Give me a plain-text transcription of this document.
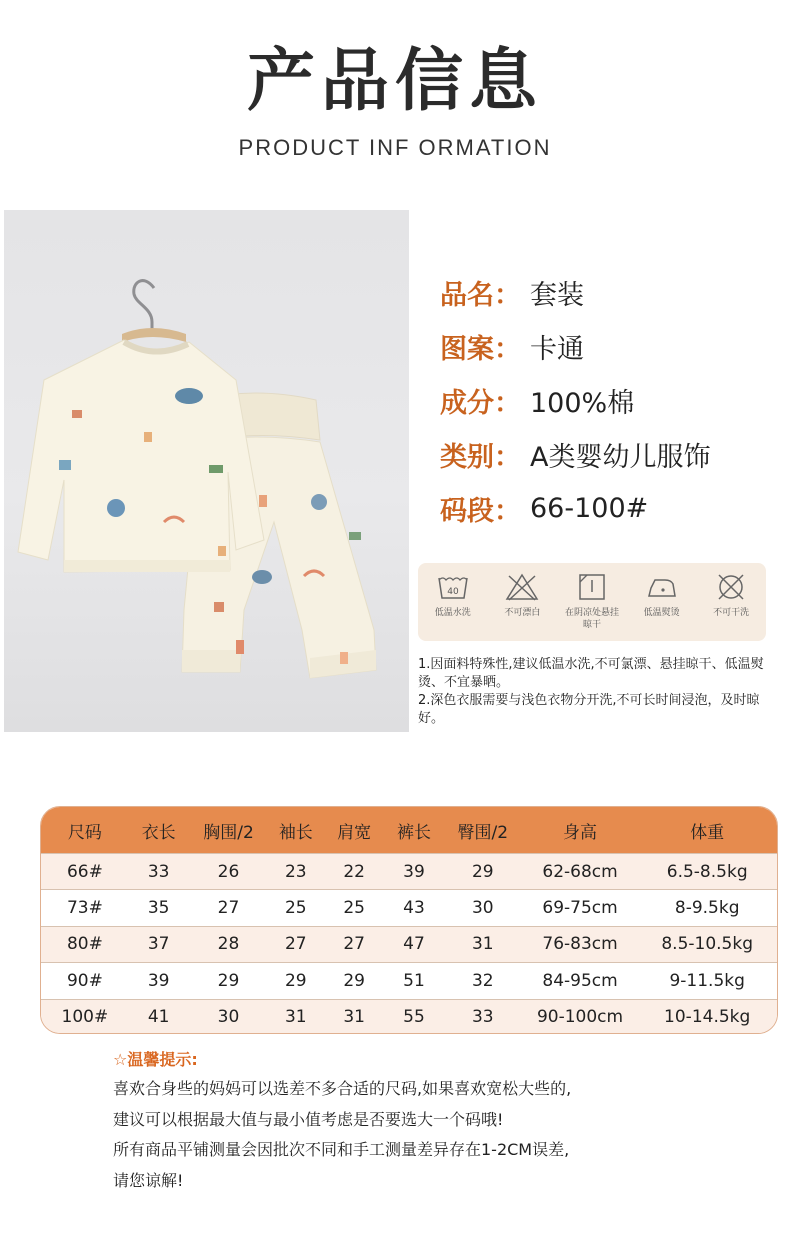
产品信息
PRODUCT INF ORMATION
品名： 套装
图案： 卡通
成分： 100%棉
类别： A类婴幼儿服饰
码段： 66-100#
40
低温水洗	不可漂白	在阴凉处悬挂晾干
低温熨烫	不可干洗
1.因面料特殊性,建议低温水洗,不可氯漂、悬挂晾干、低温熨烫、不宜暴晒。
2.深色衣服需要与浅色衣物分开洗,不可长时间浸泡，及时晾好。
尺码	衣长	胸围/2	袖长	肩宽	裤长	臀围/2	身高	体重
66#	33	26	23	22	39	29	62-68cm	6.5-8.5kg
73#	35	27	25	25	43	30	69-75cm	8-9.5kg
80#	37	28	27	27	47	31	76-83cm	8.5-10.5kg
90#	39	29	29	29	51	32	84-95cm	9-11.5kg
100#	41	30	31	31	55	33	90-100cm	10-14.5kg
☆温馨提示:
喜欢合身些的妈妈可以选差不多合适的尺码,如果喜欢宽松大些的,
建议可以根据最大值与最小值考虑是否要选大一个码哦!
所有商品平铺测量会因批次不同和手工测量差异存在1-2CM误差,
请您谅解!
